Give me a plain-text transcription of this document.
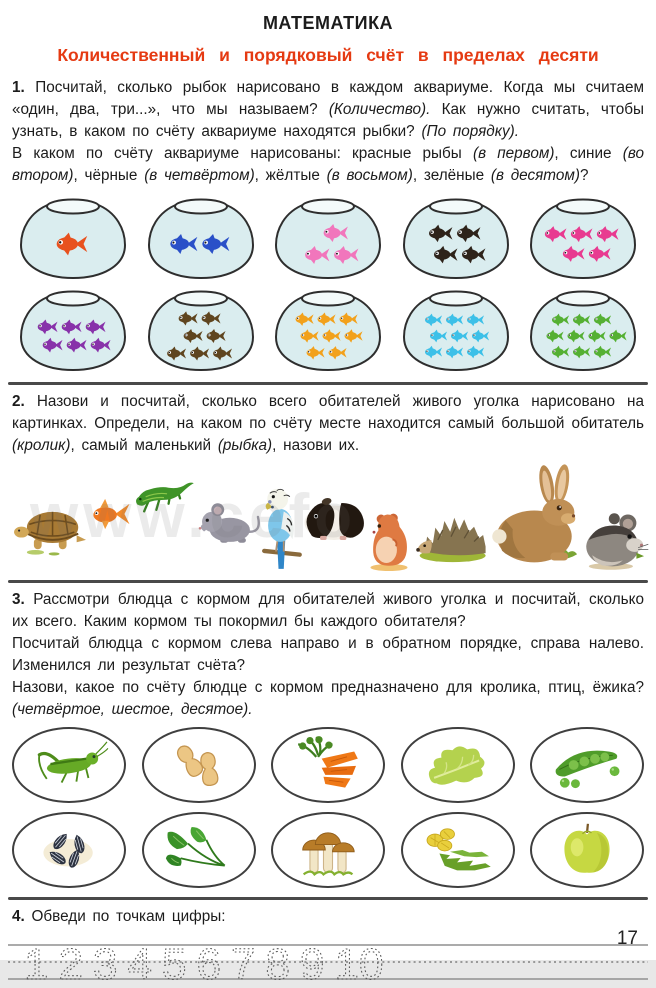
МАТЕМАТИКА
Количественный и порядковый счёт в пределах десяти

1. Посчитай, сколько рыбок нарисовано в каждом аквариуме. Когда мы считаем «один, два, три...», что мы называем? (Количество). Как нужно считать, чтобы узнать, в каком по счёту аквариуме находятся рыбки? (По порядку).
В каком по счёту аквариуме нарисованы: красные рыбы (в первом), синие (во втором), чёрные (в четвёртом), жёлтые (в восьмом), зелёные (в десятом)?

2. Назови и посчитай, сколько всего обитателей живого уголка нарисовано на картинках. Определи, на каком по счёту месте находится самый большой обитатель (кролик), самый маленький (рыбка), назови их.

www.cefo

3. Рассмотри блюдца с кормом для обитателей живого уголка и посчитай, сколько их всего. Каким кормом ты покормил бы каждого обитателя?
Посчитай блюдца с кормом слева направо и в обратном порядке, справа налево. Изменился ли результат счёта?
Назови, какое по счёту блюдце с кормом предназначено для кролика, птиц, ёжика? (четвёртое, шестое, десятое).

4. Обведи по точкам цифры:

1 2 3 4 5 6 7 8 9 10
17
